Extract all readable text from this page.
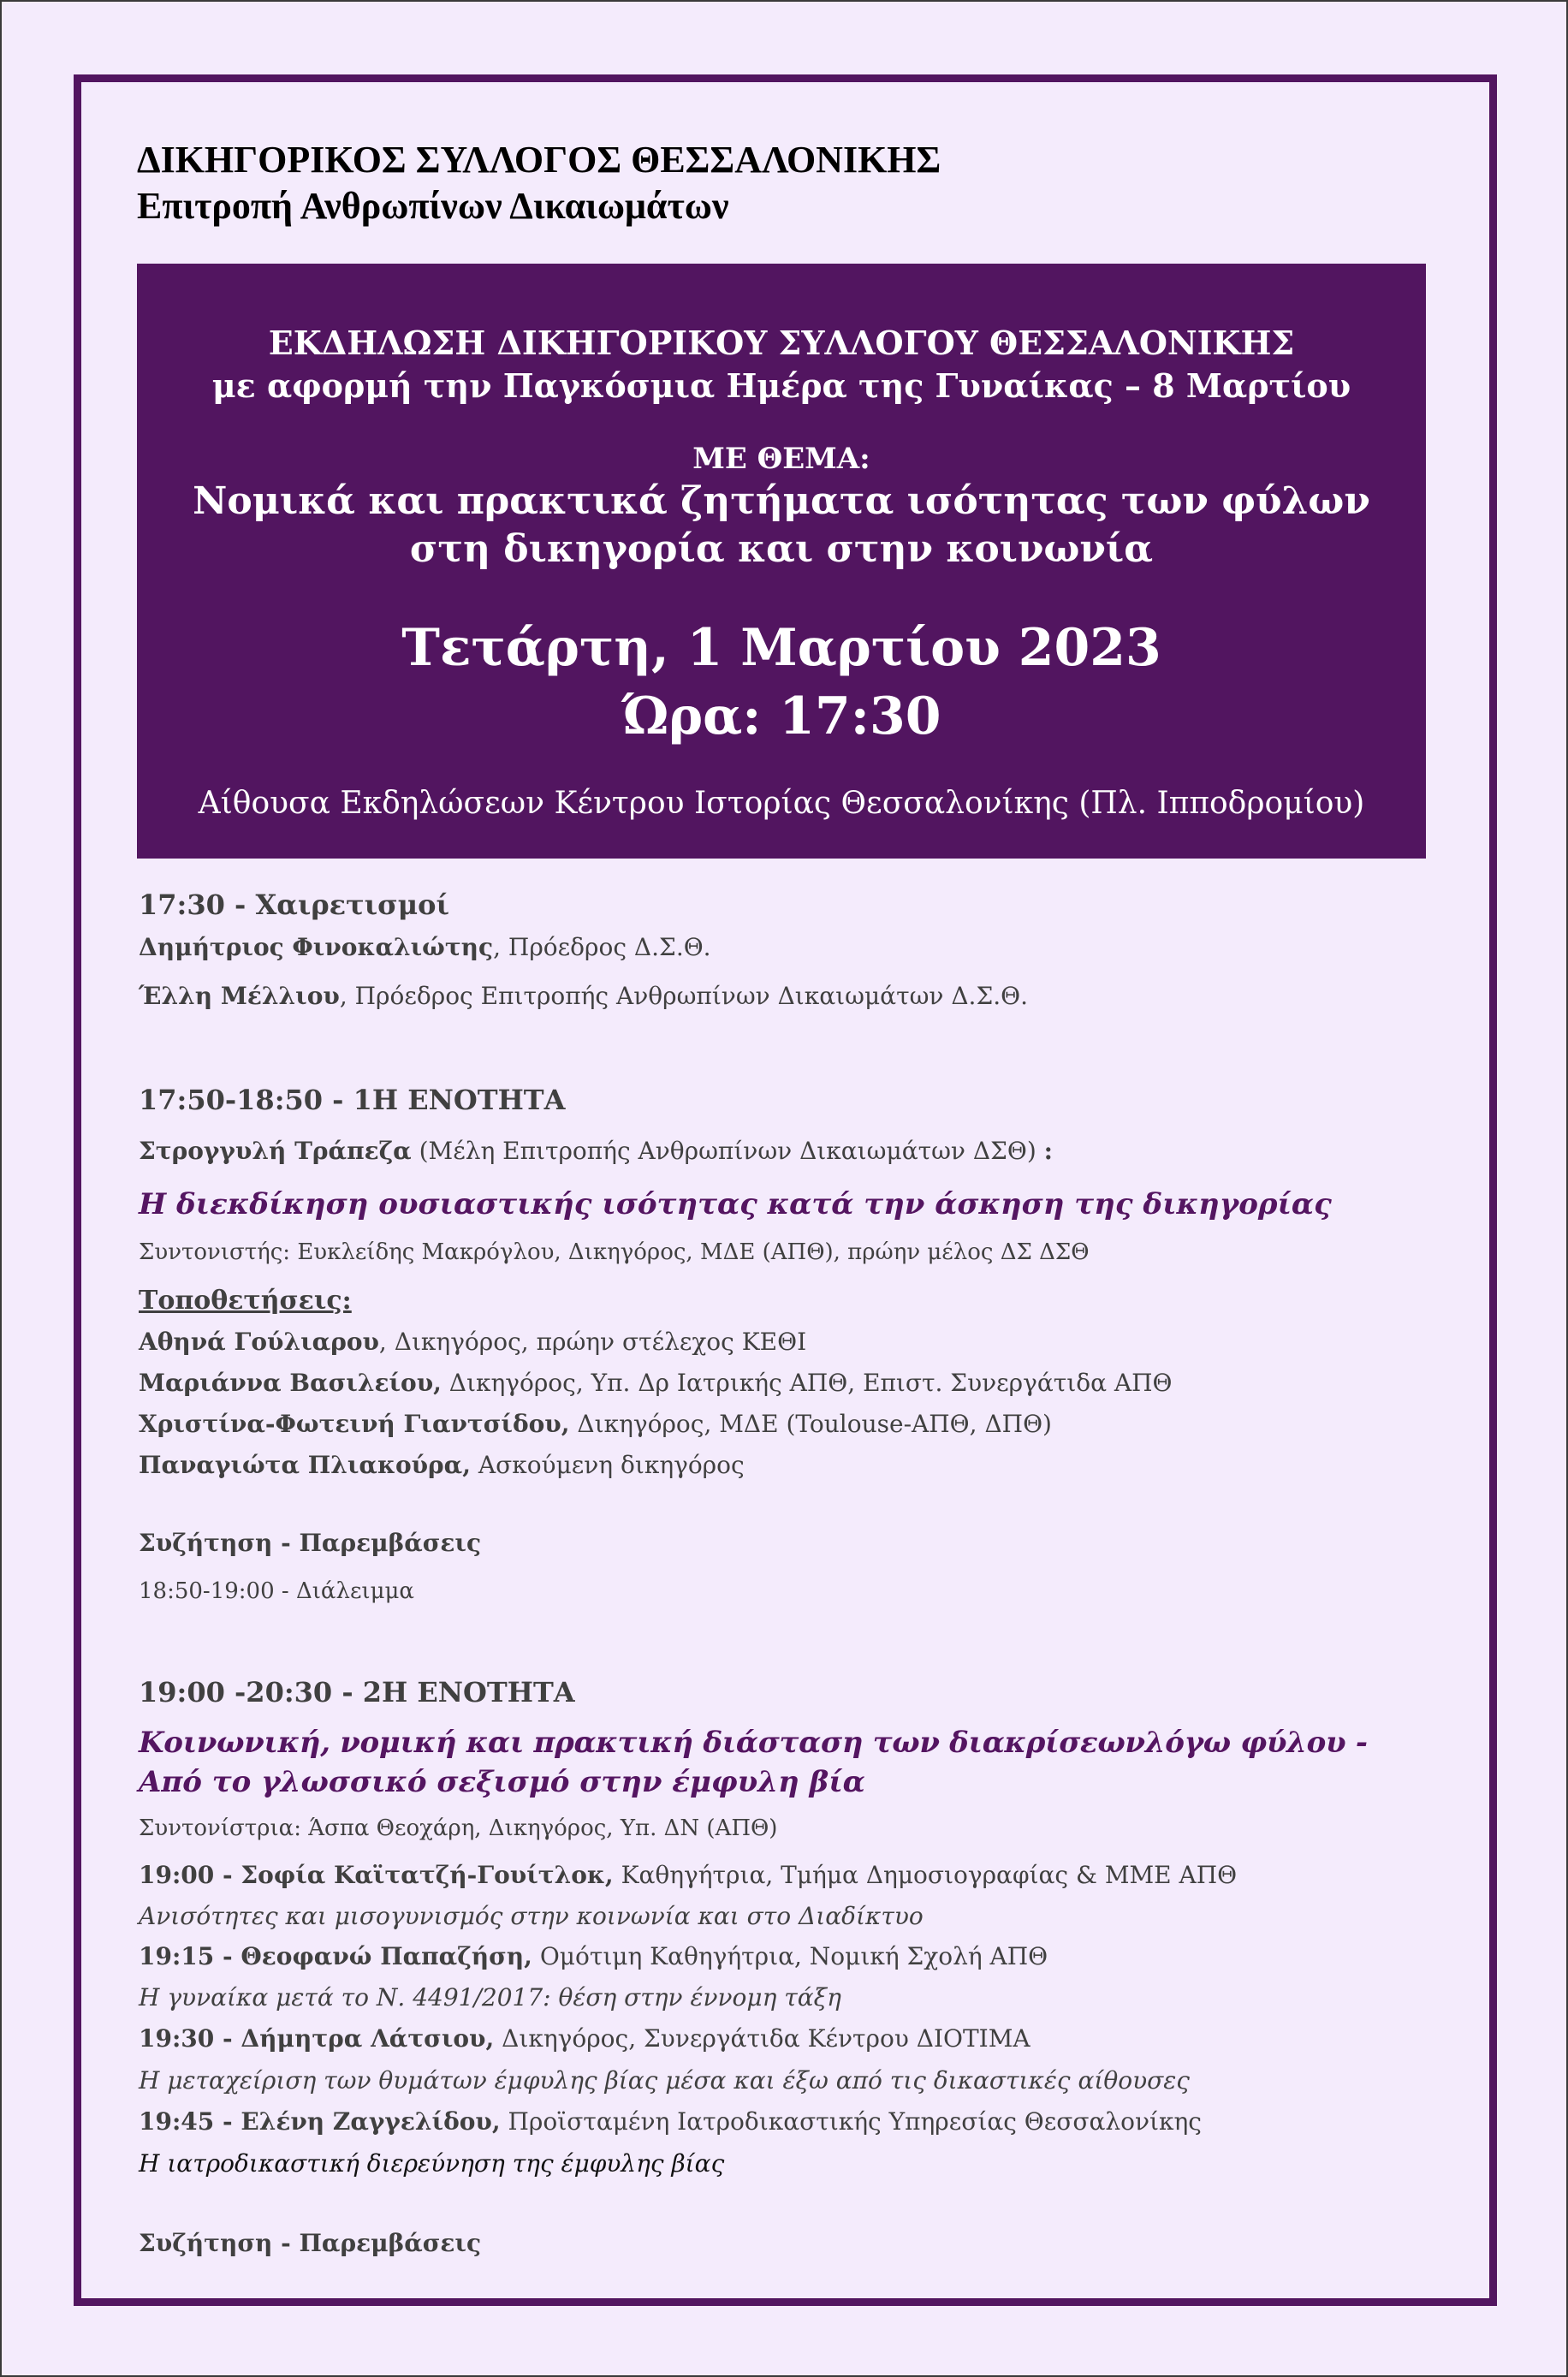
ΔΙΚΗΓΟΡΙΚΟΣ ΣΥΛΛΟΓΟΣ ΘΕΣΣΑΛΟΝΙΚΗΣ
Επιτροπή Ανθρωπίνων Δικαιωμάτων
ΕΚΔΗΛΩΣΗ ΔΙΚΗΓΟΡΙΚΟΥ ΣΥΛΛΟΓΟΥ ΘΕΣΣΑΛΟΝΙΚΗΣ
με αφορμή την Παγκόσμια Ημέρα της Γυναίκας – 8 Μαρτίου
ΜΕ ΘΕΜΑ:
Νομικά και πρακτικά ζητήματα ισότητας των φύλων
στη δικηγορία και στην κοινωνία
Τετάρτη, 1 Μαρτίου 2023
Ώρα: 17:30
Αίθουσα Εκδηλώσεων Κέντρου Ιστορίας Θεσσαλονίκης (Πλ. Ιπποδρομίου)
17:30 - Χαιρετισμοί
Δημήτριος Φινοκαλιώτης, Πρόεδρος Δ.Σ.Θ.
Έλλη Μέλλιου, Πρόεδρος Επιτροπής Ανθρωπίνων Δικαιωμάτων Δ.Σ.Θ.
17:50-18:50 - 1Η ΕΝΟΤΗΤΑ
Στρογγυλή Τράπεζα (Μέλη Επιτροπής Ανθρωπίνων Δικαιωμάτων ΔΣΘ) :
Η διεκδίκηση ουσιαστικής ισότητας κατά την άσκηση της δικηγορίας
Συντονιστής: Ευκλείδης Μακρόγλου, Δικηγόρος, ΜΔΕ (ΑΠΘ), πρώην μέλος ΔΣ ΔΣΘ
Τοποθετήσεις:
Αθηνά Γούλιαρου, Δικηγόρος, πρώην στέλεχος ΚΕΘΙ
Μαριάννα Βασιλείου, Δικηγόρος, Υπ. Δρ Ιατρικής ΑΠΘ, Επιστ. Συνεργάτιδα ΑΠΘ
Χριστίνα-Φωτεινή Γιαντσίδου, Δικηγόρος, ΜΔΕ (Toulouse-ΑΠΘ, ΔΠΘ)
Παναγιώτα Πλιακούρα, Ασκούμενη δικηγόρος
Συζήτηση - Παρεμβάσεις
18:50-19:00 - Διάλειμμα
19:00 -20:30 - 2Η ΕΝΟΤΗΤΑ
Κοινωνική, νομική και πρακτική διάσταση των διακρίσεωνλόγω φύλου -
Από το γλωσσικό σεξισμό στην έμφυλη βία
Συντονίστρια: Άσπα Θεοχάρη, Δικηγόρος, Υπ. ΔΝ (ΑΠΘ)
19:00 - Σοφία Καϊτατζή-Γουίτλοκ, Καθηγήτρια, Τμήμα Δημοσιογραφίας & ΜΜΕ ΑΠΘ
Ανισότητες και μισογυνισμός στην κοινωνία και στο Διαδίκτυο
19:15 - Θεοφανώ Παπαζήση, Ομότιμη Καθηγήτρια, Νομική Σχολή ΑΠΘ
Η γυναίκα μετά το Ν. 4491/2017: θέση στην έννομη τάξη
19:30 - Δήμητρα Λάτσιου, Δικηγόρος, Συνεργάτιδα Κέντρου ΔΙΟΤΙΜΑ
Η μεταχείριση των θυμάτων έμφυλης βίας μέσα και έξω από τις δικαστικές αίθουσες
19:45 - Ελένη Ζαγγελίδου, Προϊσταμένη Ιατροδικαστικής Υπηρεσίας Θεσσαλονίκης
Η ιατροδικαστική διερεύνηση της έμφυλης βίας
Συζήτηση - Παρεμβάσεις
